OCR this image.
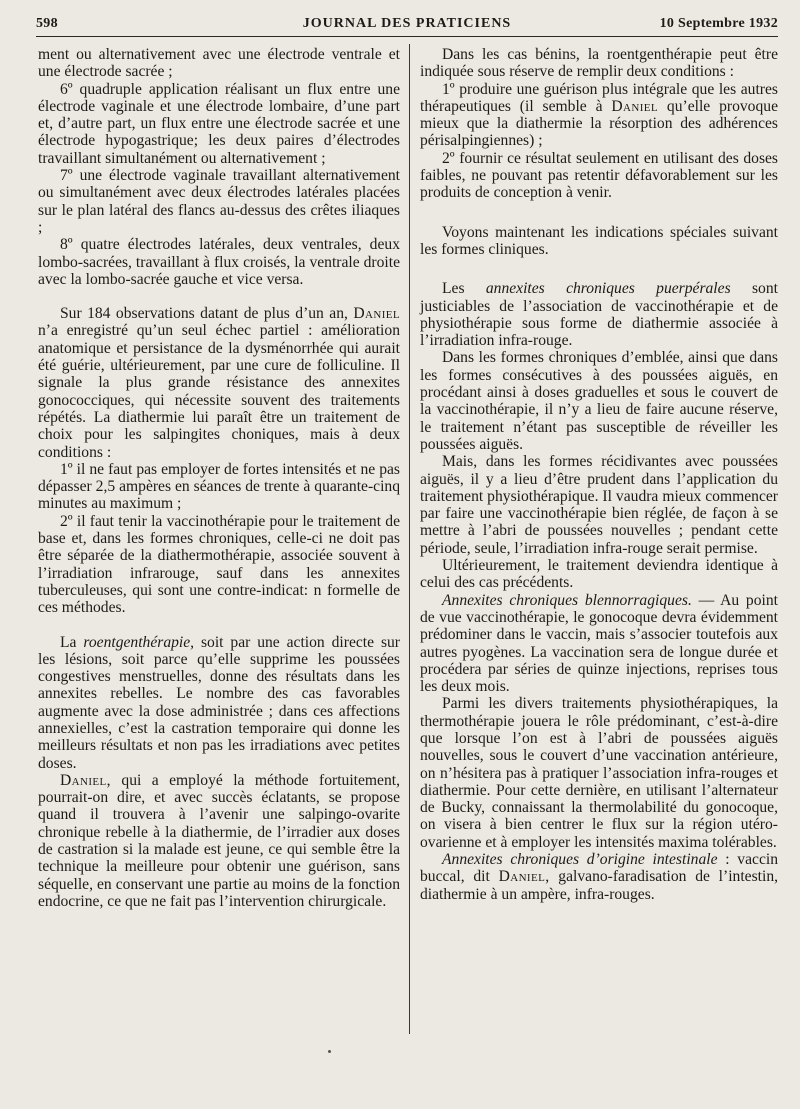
598	JOURNAL DES PRATICIENS	10 Septembre 1932

ment ou alternativement avec une électrode ventrale et une électrode sacrée ;

6º quadruple application réalisant un flux entre une électrode vaginale et une électrode lombaire, d’une part et, d’autre part, un flux entre une électrode sacrée et une électrode hypogastrique; les deux paires d’électrodes travaillant simultanément ou alternativement ;

7º une électrode vaginale travaillant alternativement ou simultanément avec deux électrodes latérales placées sur le plan latéral des flancs au-dessus des crêtes iliaques ;

8º quatre électrodes latérales, deux ventrales, deux lombo-sacrées, travaillant à flux croisés, la ventrale droite avec la lombo-sacrée gauche et vice versa.

Sur 184 observations datant de plus d’un an, Daniel n’a enregistré qu’un seul échec partiel : amélioration anatomique et persistance de la dysménorrhée qui aurait été guérie, ultérieurement, par une cure de folliculine. Il signale la plus grande résistance des annexites gonococciques, qui nécessite souvent des traitements répétés. La diathermie lui paraît être un traitement de choix pour les salpingites choniques, mais à deux conditions :

1º il ne faut pas employer de fortes intensités et ne pas dépasser 2,5 ampères en séances de trente à quarante-cinq minutes au maximum ;

2º il faut tenir la vaccinothérapie pour le traitement de base et, dans les formes chroniques, celle-ci ne doit pas être séparée de la diathermothérapie, associée souvent à l’irradiation infrarouge, sauf dans les annexites tuberculeuses, qui sont une contre-indicat: n formelle de ces méthodes.

La roentgenthérapie, soit par une action directe sur les lésions, soit parce qu’elle supprime les poussées congestives menstruelles, donne des résultats dans les annexites rebelles. Le nombre des cas favorables augmente avec la dose administrée ; dans ces affections annexielles, c’est la castration temporaire qui donne les meilleurs résultats et non pas les irradiations avec petites doses.

Daniel, qui a employé la méthode fortuitement, pourrait-on dire, et avec succès éclatants, se propose quand il trouvera à l’avenir une salpingo-ovarite chronique rebelle à la diathermie, de l’irradier aux doses de castration si la malade est jeune, ce qui semble être la technique la meilleure pour obtenir une guérison, sans séquelle, en conservant une partie au moins de la fonction endocrine, ce que ne fait pas l’intervention chirurgicale.

Dans les cas bénins, la roentgenthérapie peut être indiquée sous réserve de remplir deux conditions :

1º produire une guérison plus intégrale que les autres thérapeutiques (il semble à Daniel qu’elle provoque mieux que la diathermie la résorption des adhérences périsalpingiennes) ;

2º fournir ce résultat seulement en utilisant des doses faibles, ne pouvant pas retentir défavorablement sur les produits de conception à venir.

Voyons maintenant les indications spéciales suivant les formes cliniques.

Les annexites chroniques puerpérales sont justiciables de l’association de vaccinothérapie et de physiothérapie sous forme de diathermie associée à l’irradiation infra-rouge.

Dans les formes chroniques d’emblée, ainsi que dans les formes consécutives à des poussées aiguës, en procédant ainsi à doses graduelles et sous le couvert de la vaccinothérapie, il n’y a lieu de faire aucune réserve, le traitement n’étant pas susceptible de réveiller les poussées aiguës.

Mais, dans les formes récidivantes avec poussées aiguës, il y a lieu d’être prudent dans l’application du traitement physiothérapique. Il vaudra mieux commencer par faire une vaccinothérapie bien réglée, de façon à se mettre à l’abri de poussées nouvelles ; pendant cette période, seule, l’irradiation infra-rouge serait permise.

Ultérieurement, le traitement deviendra identique à celui des cas précédents.

Annexites chroniques blennorragiques. — Au point de vue vaccinothérapie, le gonocoque devra évidemment prédominer dans le vaccin, mais s’associer toutefois aux autres pyogènes. La vaccination sera de longue durée et procédera par séries de quinze injections, reprises tous les deux mois.

Parmi les divers traitements physiothérapiques, la thermothérapie jouera le rôle prédominant, c’est-à-dire que lorsque l’on est à l’abri de poussées aiguës nouvelles, sous le couvert d’une vaccination antérieure, on n’hésitera pas à pratiquer l’association infra-rouges et diathermie. Pour cette dernière, en utilisant l’alternateur de Bucky, connaissant la thermolabilité du gonocoque, on visera à bien centrer le flux sur la région utéro-ovarienne et à employer les intensités maxima tolérables.

Annexites chroniques d’origine intestinale : vaccin buccal, dit Daniel, galvano-faradisation de l’intestin, diathermie à un ampère, infra-rouges.
